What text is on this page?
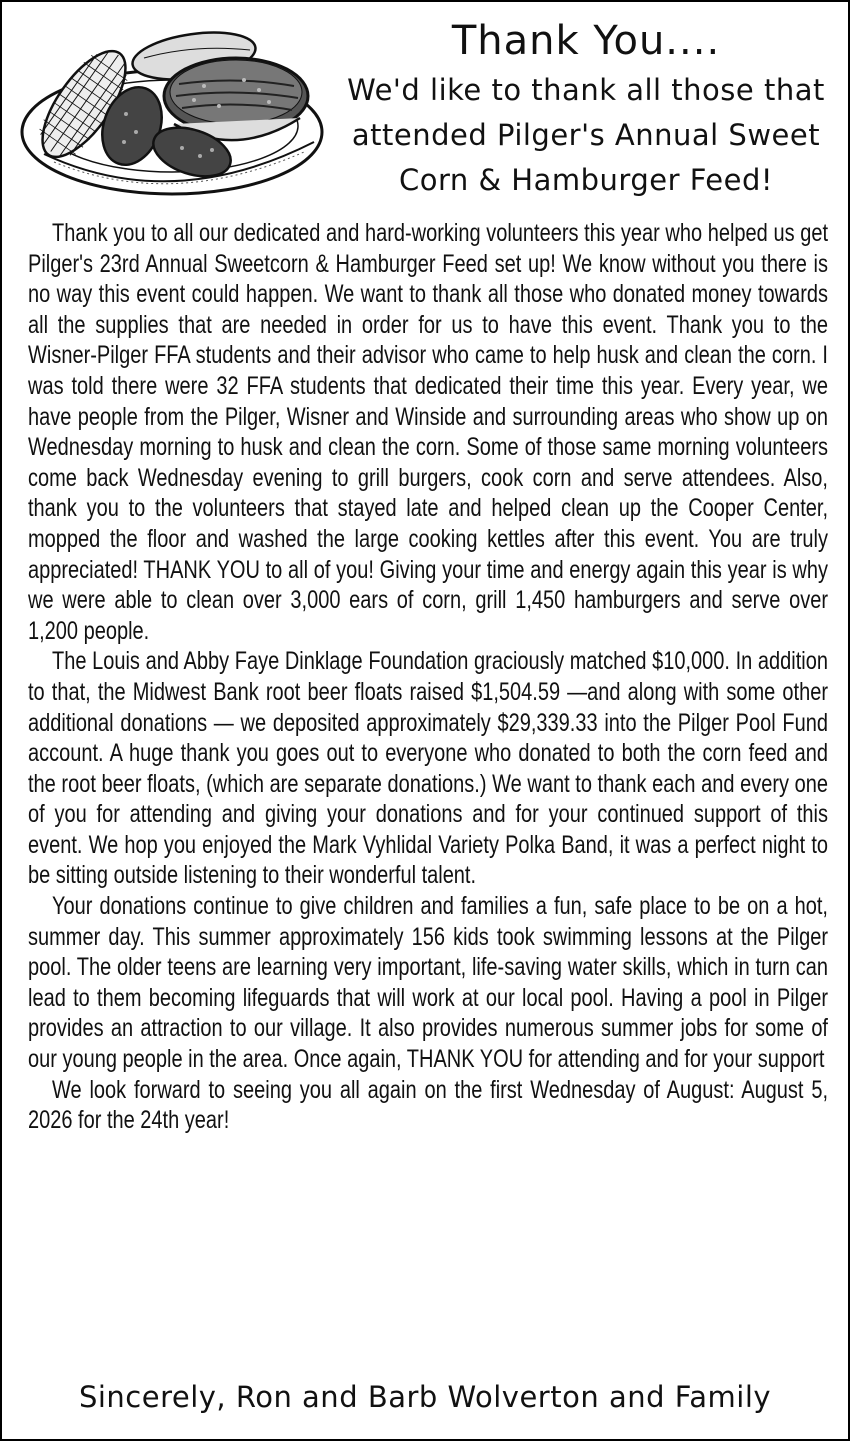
Thank You....

We'd like to thank all those that

attended Pilger's Annual Sweet

Corn & Hamburger Feed!

Thank you to all our dedicated and hard-working volunteers this year who helped us get Pilger's 23rd Annual Sweetcorn & Hamburger Feed set up! We know without you there is no way this event could happen. We want to thank all those who donated money towards all the supplies that are needed in order for us to have this event. Thank you to the Wisner-Pilger FFA students and their advisor who came to help husk and clean the corn. I was told there were 32 FFA students that dedicated their time this year. Every year, we have people from the Pilger, Wisner and Winside and surrounding areas who show up on Wednesday morning to husk and clean the corn. Some of those same morning volunteers come back Wednesday evening to grill burgers, cook corn and serve attendees. Also, thank you to the volunteers that stayed late and helped clean up the Cooper Center, mopped the floor and washed the large cooking kettles after this event. You are truly appreciated! THANK YOU to all of you! Giving your time and energy again this year is why we were able to clean over 3,000 ears of corn, grill 1,450 hamburgers and serve over 1,200 people.

The Louis and Abby Faye Dinklage Foundation graciously matched $10,000. In addition to that, the Midwest Bank root beer floats raised $1,504.59 —and along with some other additional donations — we deposited approximately $29,339.33 into the Pilger Pool Fund account. A huge thank you goes out to everyone who donated to both the corn feed and the root beer floats, (which are separate donations.) We want to thank each and every one of you for attending and giving your donations and for your continued support of this event. We hop you enjoyed the Mark Vyhlidal Variety Polka Band, it was a perfect night to be sitting outside listening to their wonderful talent.

Your donations continue to give children and families a fun, safe place to be on a hot, summer day. This summer approximately 156 kids took swimming lessons at the Pilger pool. The older teens are learning very important, life-saving water skills, which in turn can lead to them becoming lifeguards that will work at our local pool. Having a pool in Pilger provides an attraction to our village. It also provides numerous summer jobs for some of our young people in the area. Once again, THANK YOU for attending and for your support

We look forward to seeing you all again on the first Wednesday of August: August 5, 2026 for the 24th year!

Sincerely, Ron and Barb Wolverton and Family
